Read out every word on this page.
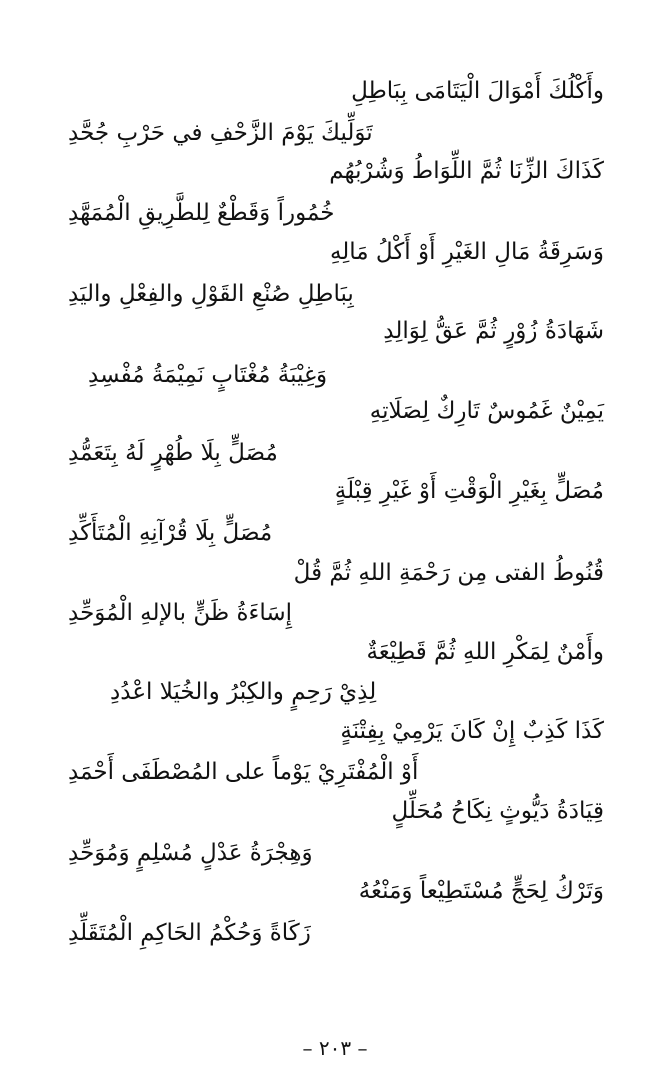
وأَكْلُكَ أَمْوَالَ الْيَتَامَى بِبَاطِلِ
تَوَلِّيكَ يَوْمَ الزَّحْفِ في حَرْبِ جُحَّدِ
كَذَاكَ الزِّنَا ثُمَّ اللِّوَاطُ وَشُرْبُهُم
خُمُوراً وَقَطْعٌ لِلطَّرِيقِ الْمُمَهَّدِ
وَسَرِقَةُ مَالِ الغَيْرِ أَوْ أَكْلُ مَالِهِ
بِبَاطِلِ صُنْعِ القَوْلِ والفِعْلِ واليَدِ
شَهَادَةُ زُوْرٍ ثُمَّ عَقُّ لِوَالِدِ
وَغِيْبَةُ مُغْتَابٍ نَمِيْمَةُ مُفْسِدِ
يَمِيْنٌ غَمُوسٌ تَارِكٌ لِصَلَاتِهِ
مُصَلٍّ بِلَا طُهْرٍ لَهُ بِتَعَمُّدِ
مُصَلٍّ بِغَيْرِ الْوَقْتِ أَوْ غَيْرِ قِبْلَةٍ
مُصَلٍّ بِلَا قُرْآنِهِ الْمُتَأَكِّدِ
قُنُوطُ الفتى مِن رَحْمَةِ اللهِ ثُمَّ قُلْ
إِسَاءَةُ ظَنٍّ بالإلهِ الْمُوَحِّدِ
وأَمْنٌ لِمَكْرِ اللهِ ثُمَّ قَطِيْعَةٌ
لِذِيْ رَحِمٍ والكِبْرُ والخُيَلا اعْدُدِ
كَذَا كَذِبٌ إِنْ كَانَ يَرْمِيْ بِفِتْنَةٍ
أَوْ الْمُفْتَرِيْ يَوْماً على المُصْطَفَى أَحْمَدِ
قِيَادَةُ دَيُّوثٍ نِكَاحُ مُحَلِّلٍ
وَهِجْرَةُ عَدْلٍ مُسْلِمٍ وَمُوَحِّدِ
وَتَرْكُ لِحَجٍّ مُسْتَطِيْعاً وَمَنْعُهُ
زَكَاةً وَحُكْمُ الحَاكِمِ الْمُتَقَلِّدِ
– ٢٠٣ –
